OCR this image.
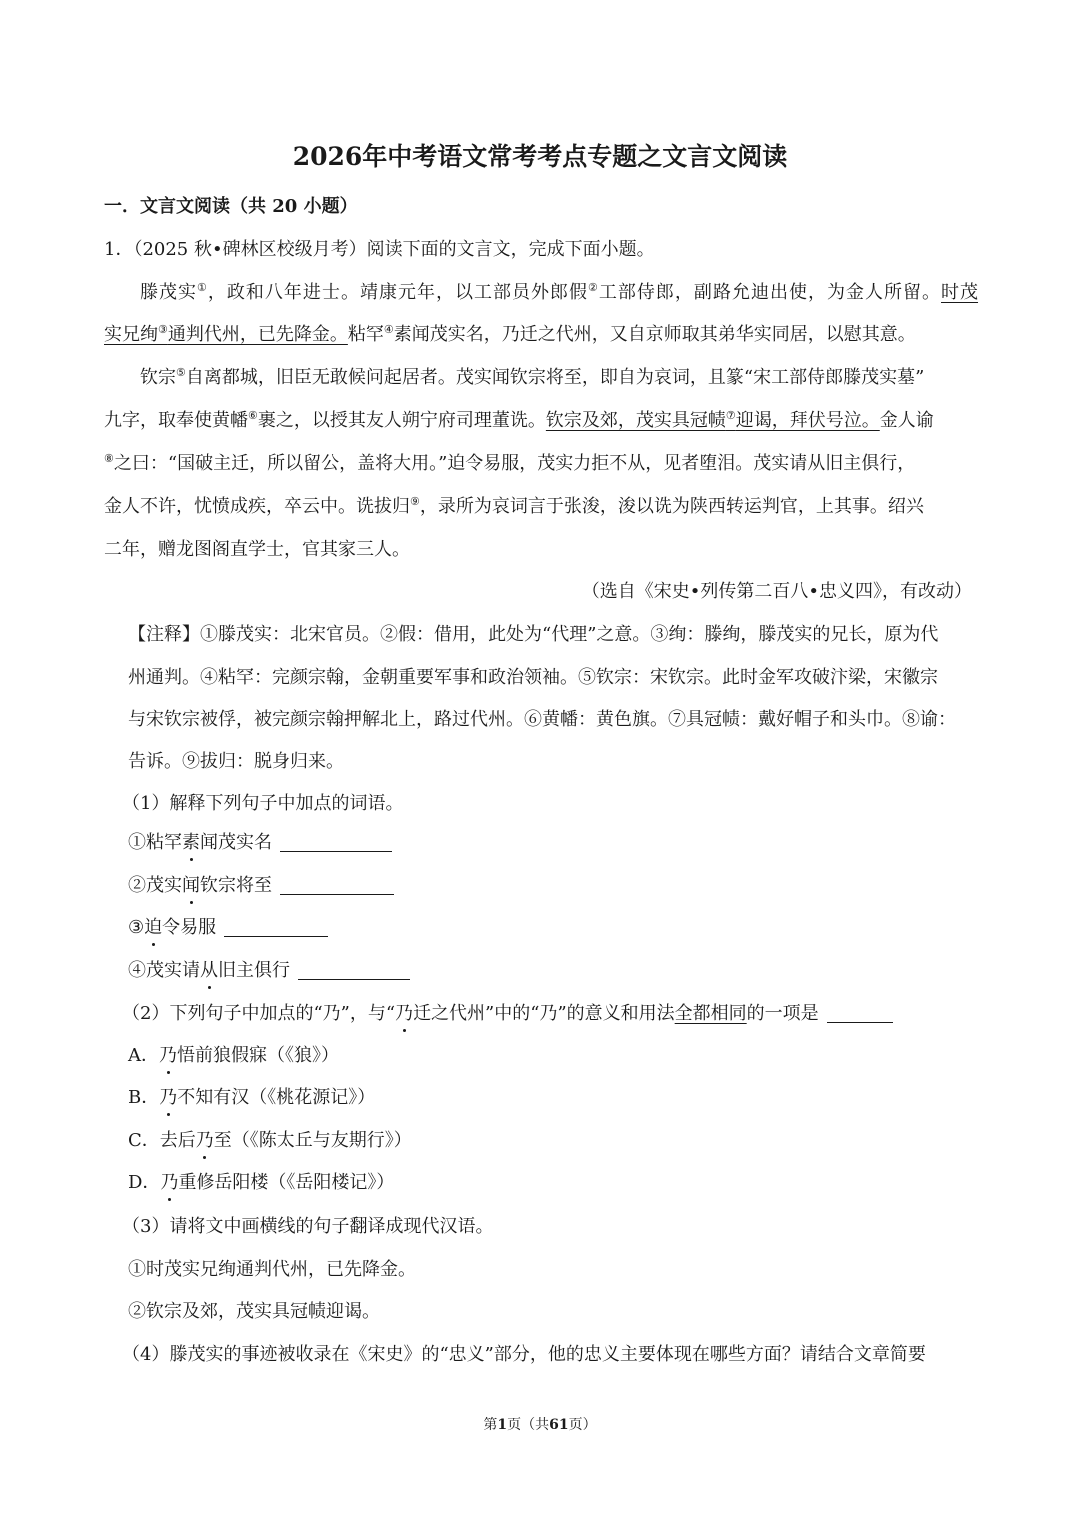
2026年中考语文常考考点专题之文言文阅读
一．文言文阅读（共 20 小题）
1．（2025 秋•碑林区校级月考）阅读下面的文言文，完成下面小题。
滕茂实①，政和八年进士。靖康元年，以工部员外郎假②工部侍郎，副路允迪出使，为金人所留。时茂
实兄绚③通判代州，已先降金。粘罕④素闻茂实名，乃迁之代州，又自京师取其弟华实同居，以慰其意。
钦宗⑤自离都城，旧臣无敢候问起居者。茂实闻钦宗将至，即自为哀词，且篆“宋工部侍郎滕茂实墓”
九字，取奉使黄幡⑥裹之，以授其友人朔宁府司理董诜。钦宗及郊，茂实具冠帻⑦迎谒，拜伏号泣。金人谕
⑧之曰：“国破主迁，所以留公，盖将大用。”迫令易服，茂实力拒不从，见者堕泪。茂实请从旧主俱行，
金人不许，忧愤成疾，卒云中。诜拔归⑨，录所为哀词言于张浚，浚以诜为陕西转运判官，上其事。绍兴
二年，赠龙图阁直学士，官其家三人。
（选自《宋史•列传第二百八•忠义四》，有改动）
【注释】①滕茂实：北宋官员。②假：借用，此处为“代理”之意。③绚：滕绚，滕茂实的兄长，原为代
州通判。④粘罕：完颜宗翰，金朝重要军事和政治领袖。⑤钦宗：宋钦宗。此时金军攻破汴梁，宋徽宗
与宋钦宗被俘，被完颜宗翰押解北上，路过代州。⑥黄幡：黄色旗。⑦具冠帻：戴好帽子和头巾。⑧谕：
告诉。⑨拔归：脱身归来。
（1）解释下列句子中加点的词语。
①粘罕素闻茂实名
②茂实闻钦宗将至
③迫令易服
④茂实请从旧主俱行
（2）下列句子中加点的“乃”，与“乃迁之代州”中的“乃”的意义和用法全都相同的一项是
A．乃悟前狼假寐（《狼》）
B．乃不知有汉（《桃花源记》）
C．去后乃至（《陈太丘与友期行》）
D．乃重修岳阳楼（《岳阳楼记》）
（3）请将文中画横线的句子翻译成现代汉语。
①时茂实兄绚通判代州，已先降金。
②钦宗及郊，茂实具冠帻迎谒。
（4）滕茂实的事迹被收录在《宋史》的“忠义”部分，他的忠义主要体现在哪些方面？请结合文章简要
第1页（共61页）
